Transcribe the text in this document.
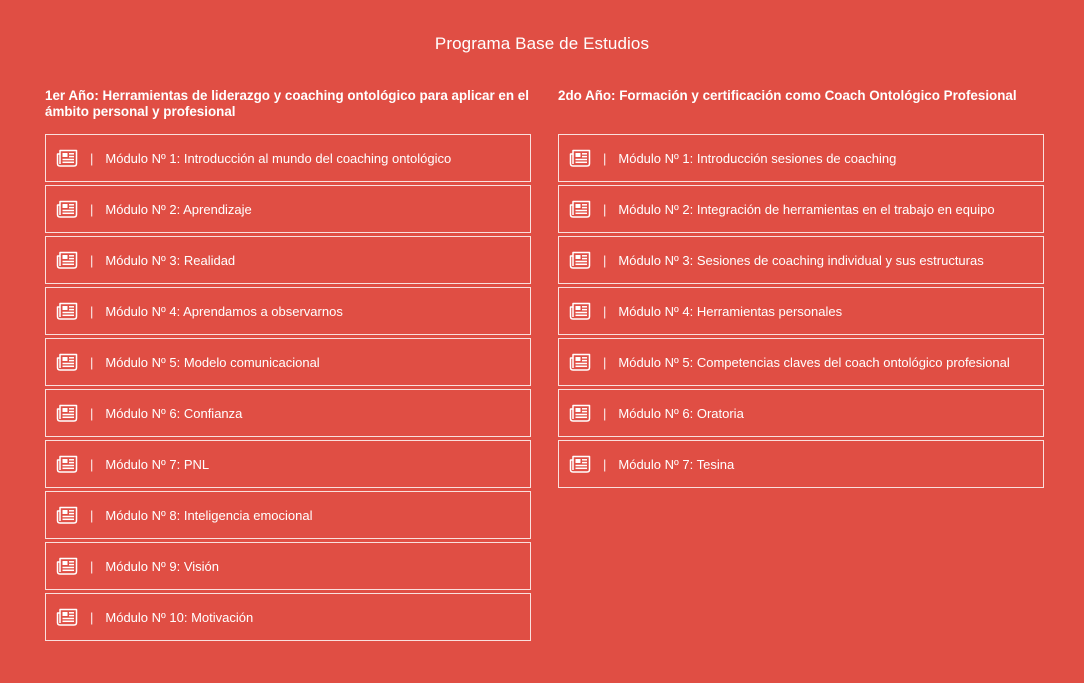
Programa Base de Estudios
1er Año: Herramientas de liderazgo y coaching ontológico para aplicar en el ámbito personal y profesional
| Módulo Nº 1: Introducción al mundo del coaching ontológico
| Módulo Nº 2: Aprendizaje
| Módulo Nº 3: Realidad
| Módulo Nº 4: Aprendamos a observarnos
| Módulo Nº 5: Modelo comunicacional
| Módulo Nº 6: Confianza
| Módulo Nº 7: PNL
| Módulo Nº 8: Inteligencia emocional
| Módulo Nº 9: Visión
| Módulo Nº 10: Motivación
2do Año: Formación y certificación como Coach Ontológico Profesional
| Módulo Nº 1: Introducción sesiones de coaching
| Módulo Nº 2: Integración de herramientas en el trabajo en equipo
| Módulo Nº 3: Sesiones de coaching individual y sus estructuras
| Módulo Nº 4: Herramientas personales
| Módulo Nº 5: Competencias claves del coach ontológico profesional
| Módulo Nº 6: Oratoria
| Módulo Nº 7: Tesina
